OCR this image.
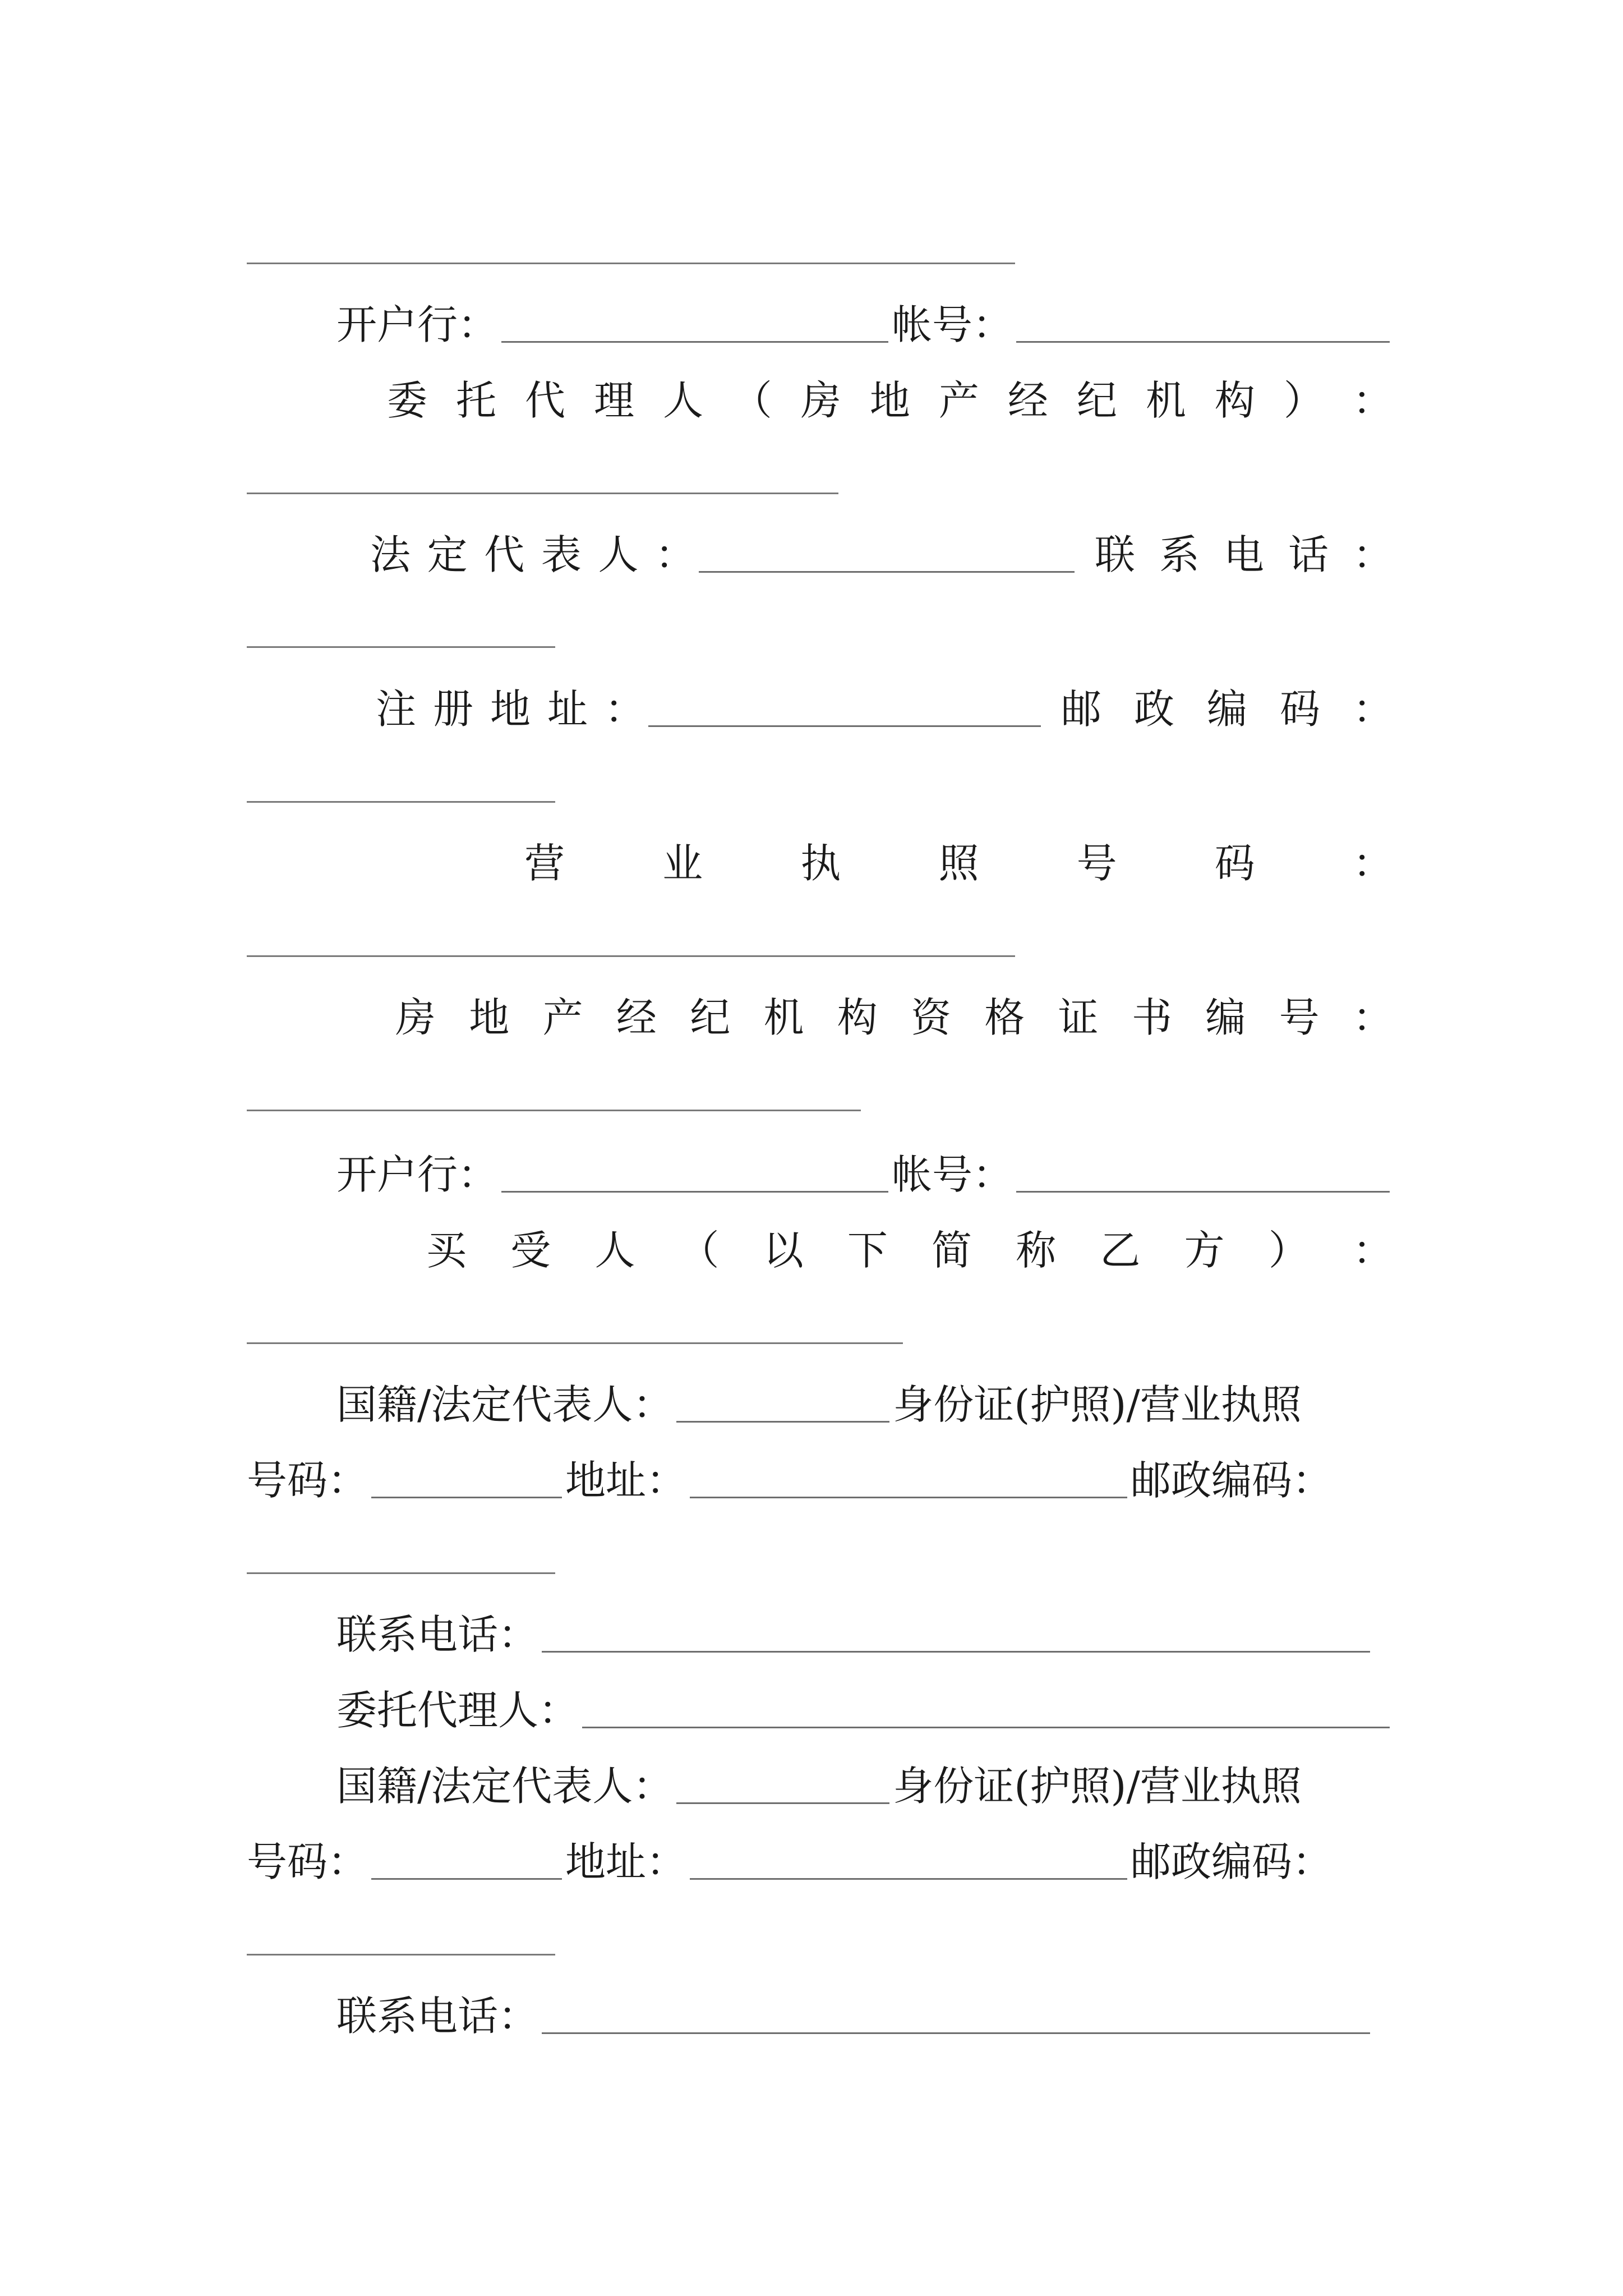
开户行：	帐号：
委 托 代 理 人 （ 房 地 产 经 纪 机 构 ） ：
法 定 代 表 人 ：	联 系 电 话 ：
注 册 地 址 ：	邮 政 编 码 ：
营 业 执 照 号 码 ：
房 地 产 经 纪 机 构 资 格 证 书 编 号 ：
开户行：	帐号：
买 受 人 （ 以 下 简 称 乙 方 ） ：
国籍/法定代表人：	身份证(护照)/营业执照
号码：	地址：	邮政编码：
联系电话：
委托代理人：
国籍/法定代表人：	身份证(护照)/营业执照
号码：	地址：	邮政编码：
联系电话：
